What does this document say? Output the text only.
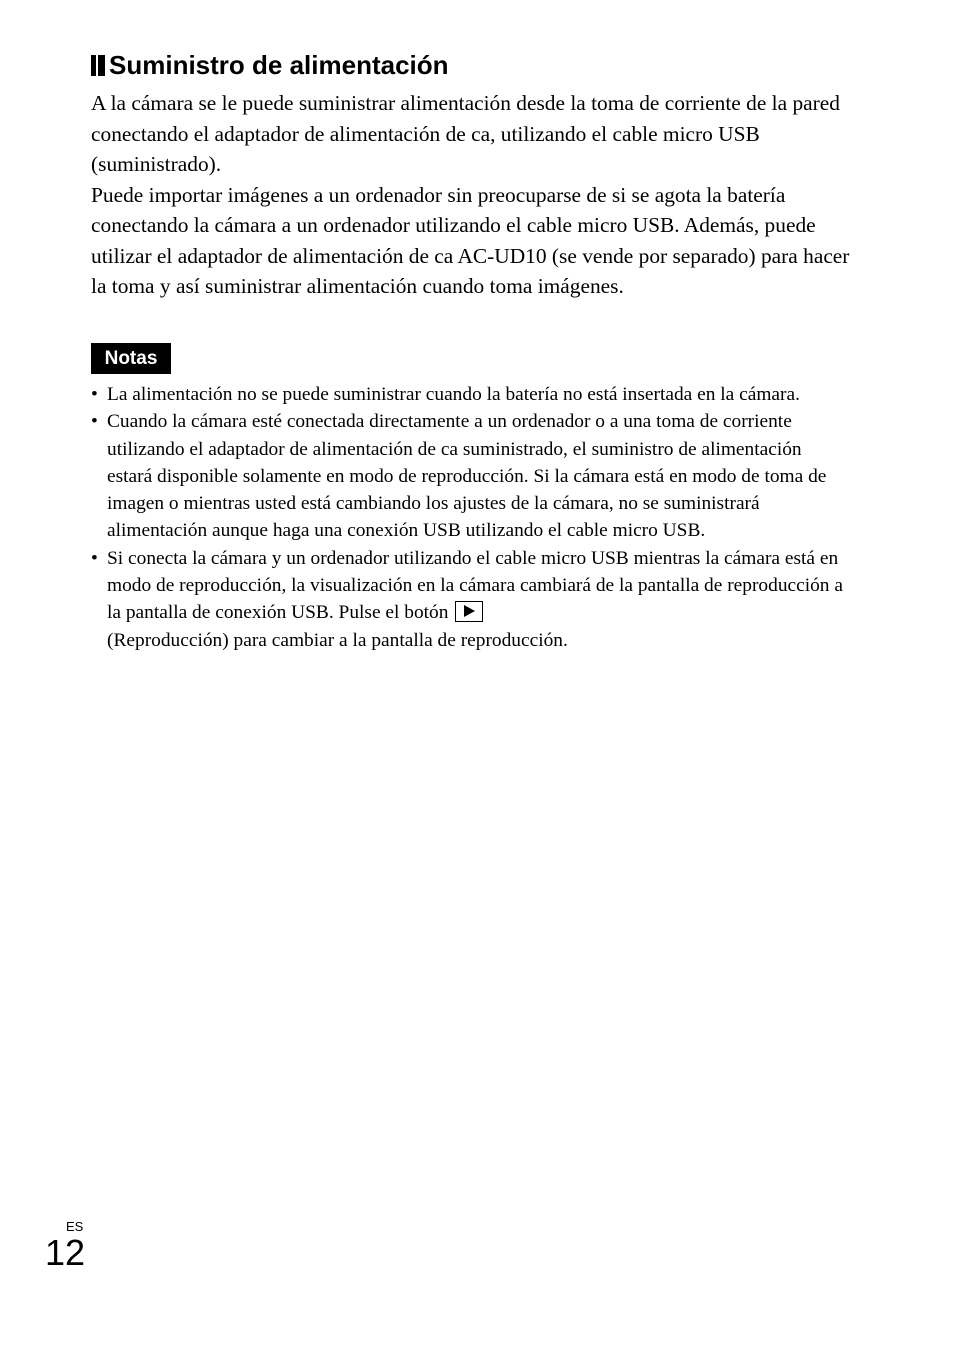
Suministro de alimentación

A la cámara se le puede suministrar alimentación desde la toma de corriente de la pared conectando el adaptador de alimentación de ca, utilizando el cable micro USB (suministrado).

Puede importar imágenes a un ordenador sin preocuparse de si se agota la batería conectando la cámara a un ordenador utilizando el cable micro USB. Además, puede utilizar el adaptador de alimentación de ca AC-UD10 (se vende por separado) para hacer la toma y así suministrar alimentación cuando toma imágenes.

Notas
• La alimentación no se puede suministrar cuando la batería no está insertada en la cámara.
• Cuando la cámara esté conectada directamente a un ordenador o a una toma de corriente utilizando el adaptador de alimentación de ca suministrado, el suministro de alimentación estará disponible solamente en modo de reproducción. Si la cámara está en modo de toma de imagen o mientras usted está cambiando los ajustes de la cámara, no se suministrará alimentación aunque haga una conexión USB utilizando el cable micro USB.
• Si conecta la cámara y un ordenador utilizando el cable micro USB mientras la cámara está en modo de reproducción, la visualización en la cámara cambiará de la pantalla de reproducción a la pantalla de conexión USB. Pulse el botón
(Reproducción) para cambiar a la pantalla de reproducción.
ES
12
